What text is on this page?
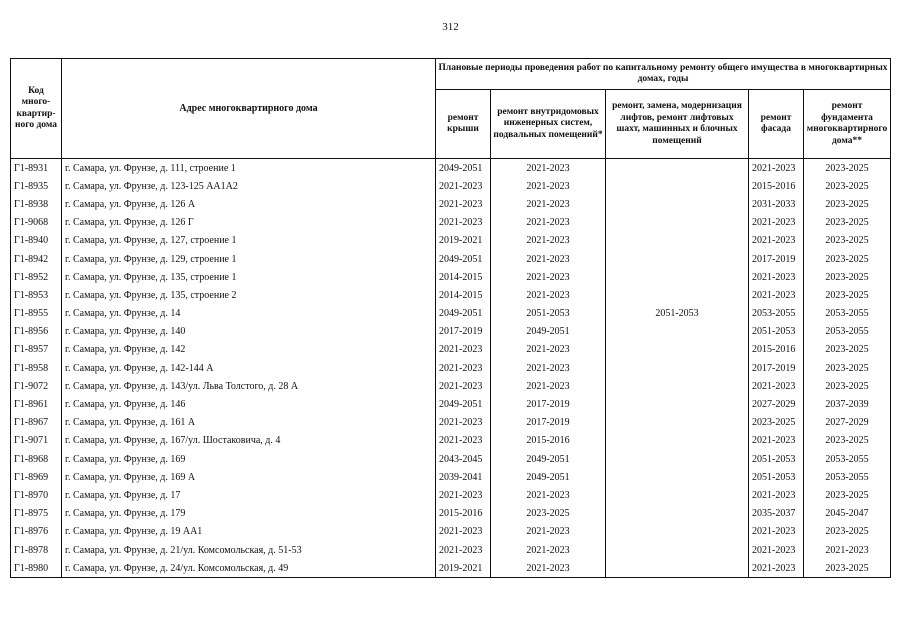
312
Код много-квартир-ного дома	Адрес многоквартирного дома	Плановые периоды проведения работ по капитальному ремонту общего имущества в многоквартирных домах, годы				
		ремонт крыши	ремонт внутридомовых инженерных систем, подвальных помещений*	ремонт, замена, модернизация лифтов, ремонт лифтовых шахт, машинных и блочных помещений	ремонт фасада	ремонт фундамента многоквартирного дома**
Г1-8931	г. Самара, ул. Фрунзе, д. 111, строение 1	2049-2051	2021-2023		2021-2023	2023-2025
Г1-8935	г. Самара, ул. Фрунзе, д. 123-125 АА1А2	2021-2023	2021-2023		2015-2016	2023-2025
Г1-8938	г. Самара, ул. Фрунзе, д. 126 А	2021-2023	2021-2023		2031-2033	2023-2025
Г1-9068	г. Самара, ул. Фрунзе, д. 126 Г	2021-2023	2021-2023		2021-2023	2023-2025
Г1-8940	г. Самара, ул. Фрунзе, д. 127, строение 1	2019-2021	2021-2023		2021-2023	2023-2025
Г1-8942	г. Самара, ул. Фрунзе, д. 129, строение 1	2049-2051	2021-2023		2017-2019	2023-2025
Г1-8952	г. Самара, ул. Фрунзе, д. 135, строение 1	2014-2015	2021-2023		2021-2023	2023-2025
Г1-8953	г. Самара, ул. Фрунзе, д. 135, строение 2	2014-2015	2021-2023		2021-2023	2023-2025
Г1-8955	г. Самара, ул. Фрунзе, д. 14	2049-2051	2051-2053	2051-2053	2053-2055	2053-2055
Г1-8956	г. Самара, ул. Фрунзе, д. 140	2017-2019	2049-2051		2051-2053	2053-2055
Г1-8957	г. Самара, ул. Фрунзе, д. 142	2021-2023	2021-2023		2015-2016	2023-2025
Г1-8958	г. Самара, ул. Фрунзе, д. 142-144 А	2021-2023	2021-2023		2017-2019	2023-2025
Г1-9072	г. Самара, ул. Фрунзе, д. 143/ул. Льва Толстого, д. 28 А	2021-2023	2021-2023		2021-2023	2023-2025
Г1-8961	г. Самара, ул. Фрунзе, д. 146	2049-2051	2017-2019		2027-2029	2037-2039
Г1-8967	г. Самара, ул. Фрунзе, д. 161 А	2021-2023	2017-2019		2023-2025	2027-2029
Г1-9071	г. Самара, ул. Фрунзе, д. 167/ул. Шостаковича, д. 4	2021-2023	2015-2016		2021-2023	2023-2025
Г1-8968	г. Самара, ул. Фрунзе, д. 169	2043-2045	2049-2051		2051-2053	2053-2055
Г1-8969	г. Самара, ул. Фрунзе, д. 169 А	2039-2041	2049-2051		2051-2053	2053-2055
Г1-8970	г. Самара, ул. Фрунзе, д. 17	2021-2023	2021-2023		2021-2023	2023-2025
Г1-8975	г. Самара, ул. Фрунзе, д. 179	2015-2016	2023-2025		2035-2037	2045-2047
Г1-8976	г. Самара, ул. Фрунзе, д. 19 АА1	2021-2023	2021-2023		2021-2023	2023-2025
Г1-8978	г. Самара, ул. Фрунзе, д. 21/ул. Комсомольская, д. 51-53	2021-2023	2021-2023		2021-2023	2021-2023
Г1-8980	г. Самара, ул. Фрунзе, д. 24/ул. Комсомольская, д. 49	2019-2021	2021-2023		2021-2023	2023-2025
